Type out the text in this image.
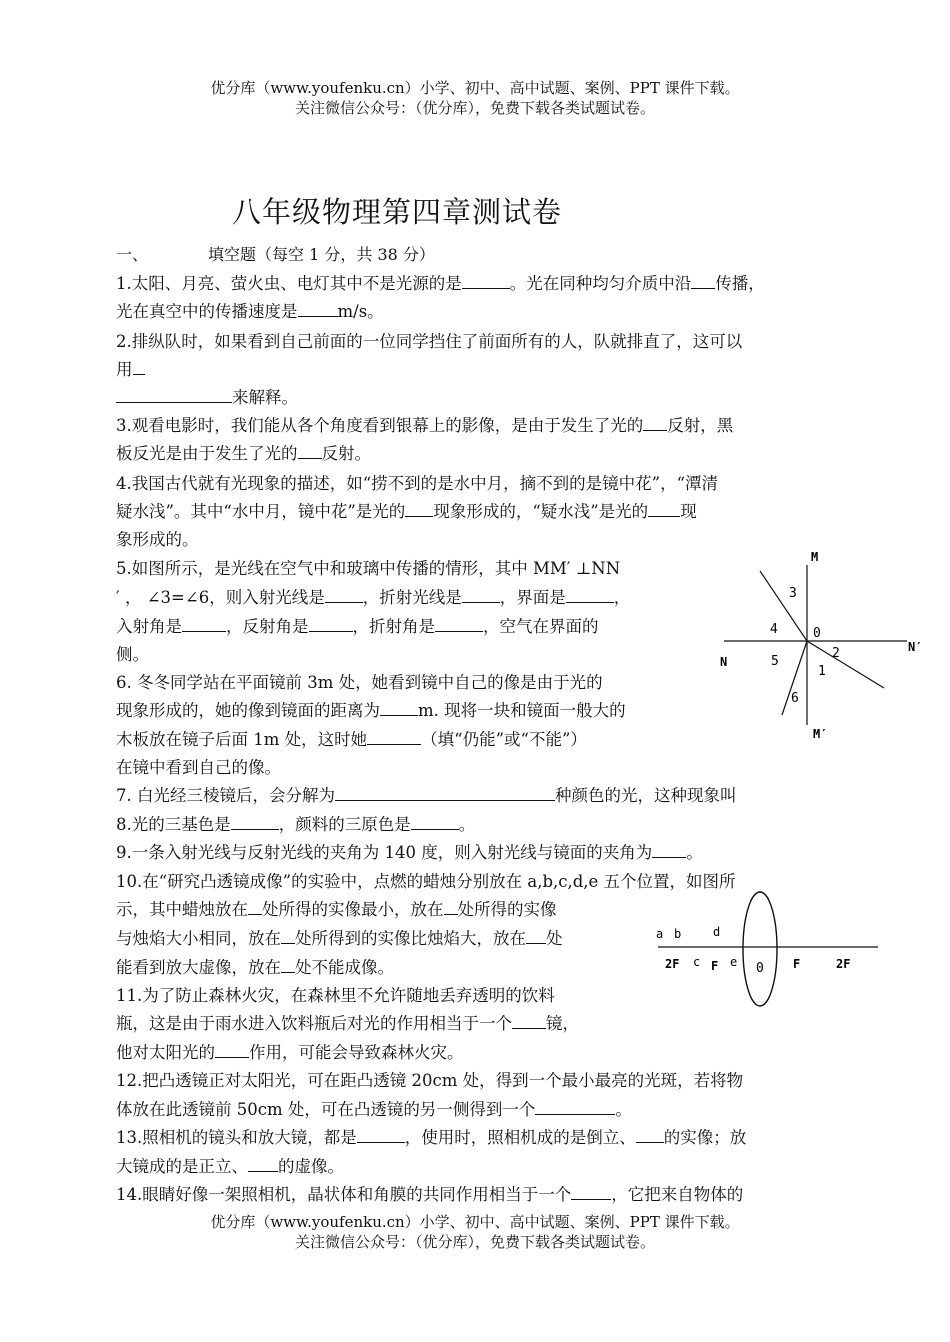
优分库（www.youfenku.cn）小学、初中、高中试题、案例、PPT 课件下载。
关注微信公众号：（优分库），免费下载各类试题试卷。
八年级物理第四章测试卷
一、	填空题（每空 1 分，共 38 分）
1.太阳、月亮、萤火虫、电灯其中不是光源的是	。光在同种均匀介质中沿 传播，
光在真空中的传播速度是 m/s。
2.排纵队时，如果看到自己前面的一位同学挡住了前面所有的人，队就排直了，这可以
用
来解释。
3.观看电影时，我们能从各个角度看到银幕上的影像，是由于发生了光的 反射，黑
板反光是由于发生了光的 反射。
4.我国古代就有光现象的描述，如“捞不到的是水中月，摘不到的是镜中花”，“潭清
疑水浅”。其中“水中月，镜中花”是光的 现象形成的，“疑水浅”是光的 现
象形成的。
5.如图所示，是光线在空气中和玻璃中传播的情形，其中 MM′ ⊥NN
′ ， ∠3=∠6，则入射光线是 ，折射光线是 ，界面是	，
入射角是	，反射角是	，折射角是	，空气在界面的
侧。
6. 冬冬同学站在平面镜前 3m 处，她看到镜中自己的像是由于光的
现象形成的，她的像到镜面的距离为 m. 现将一块和镜面一般大的
木板放在镜子后面 1m 处，这时她	（填“仍能”或“不能”）
在镜中看到自己的像。
7. 白光经三棱镜后，会分解为	种颜色的光，这种现象叫
8.光的三基色是	，颜料的三原色是	。
9.一条入射光线与反射光线的夹角为 140 度，则入射光线与镜面的夹角为 。
10.在“研究凸透镜成像”的实验中，点燃的蜡烛分别放在 a,b,c,d,e 五个位置，如图所
示，其中蜡烛放在 处所得的实像最小，放在 处所得的实像
与烛焰大小相同，放在 处所得到的实像比烛焰大，放在 处
能看到放大虚像，放在 处不能成像。
11.为了防止森林火灾，在森林里不允许随地丢弃透明的饮料
瓶，这是由于雨水进入饮料瓶后对光的作用相当于一个 镜，
他对太阳光的 作用，可能会导致森林火灾。
12.把凸透镜正对太阳光，可在距凸透镜 20cm 处，得到一个最小最亮的光斑，若将物
体放在此透镜前 50cm 处，可在凸透镜的另一侧得到一个	。
13.照相机的镜头和放大镜，都是	，使用时，照相机成的是倒立、 的实像；放
大镜成的是正立、 的虚像。
14.眼睛好像一架照相机，晶状体和角膜的共同作用相当于一个 ，它把来自物体的
优分库（www.youfenku.cn）小学、初中、高中试题、案例、PPT 课件下载。
关注微信公众号：（优分库），免费下载各类试题试卷。
M
M′
N
N′
0
3
4
5
6
1
2
a b
c
d
e
2F	F	0 F	2F
